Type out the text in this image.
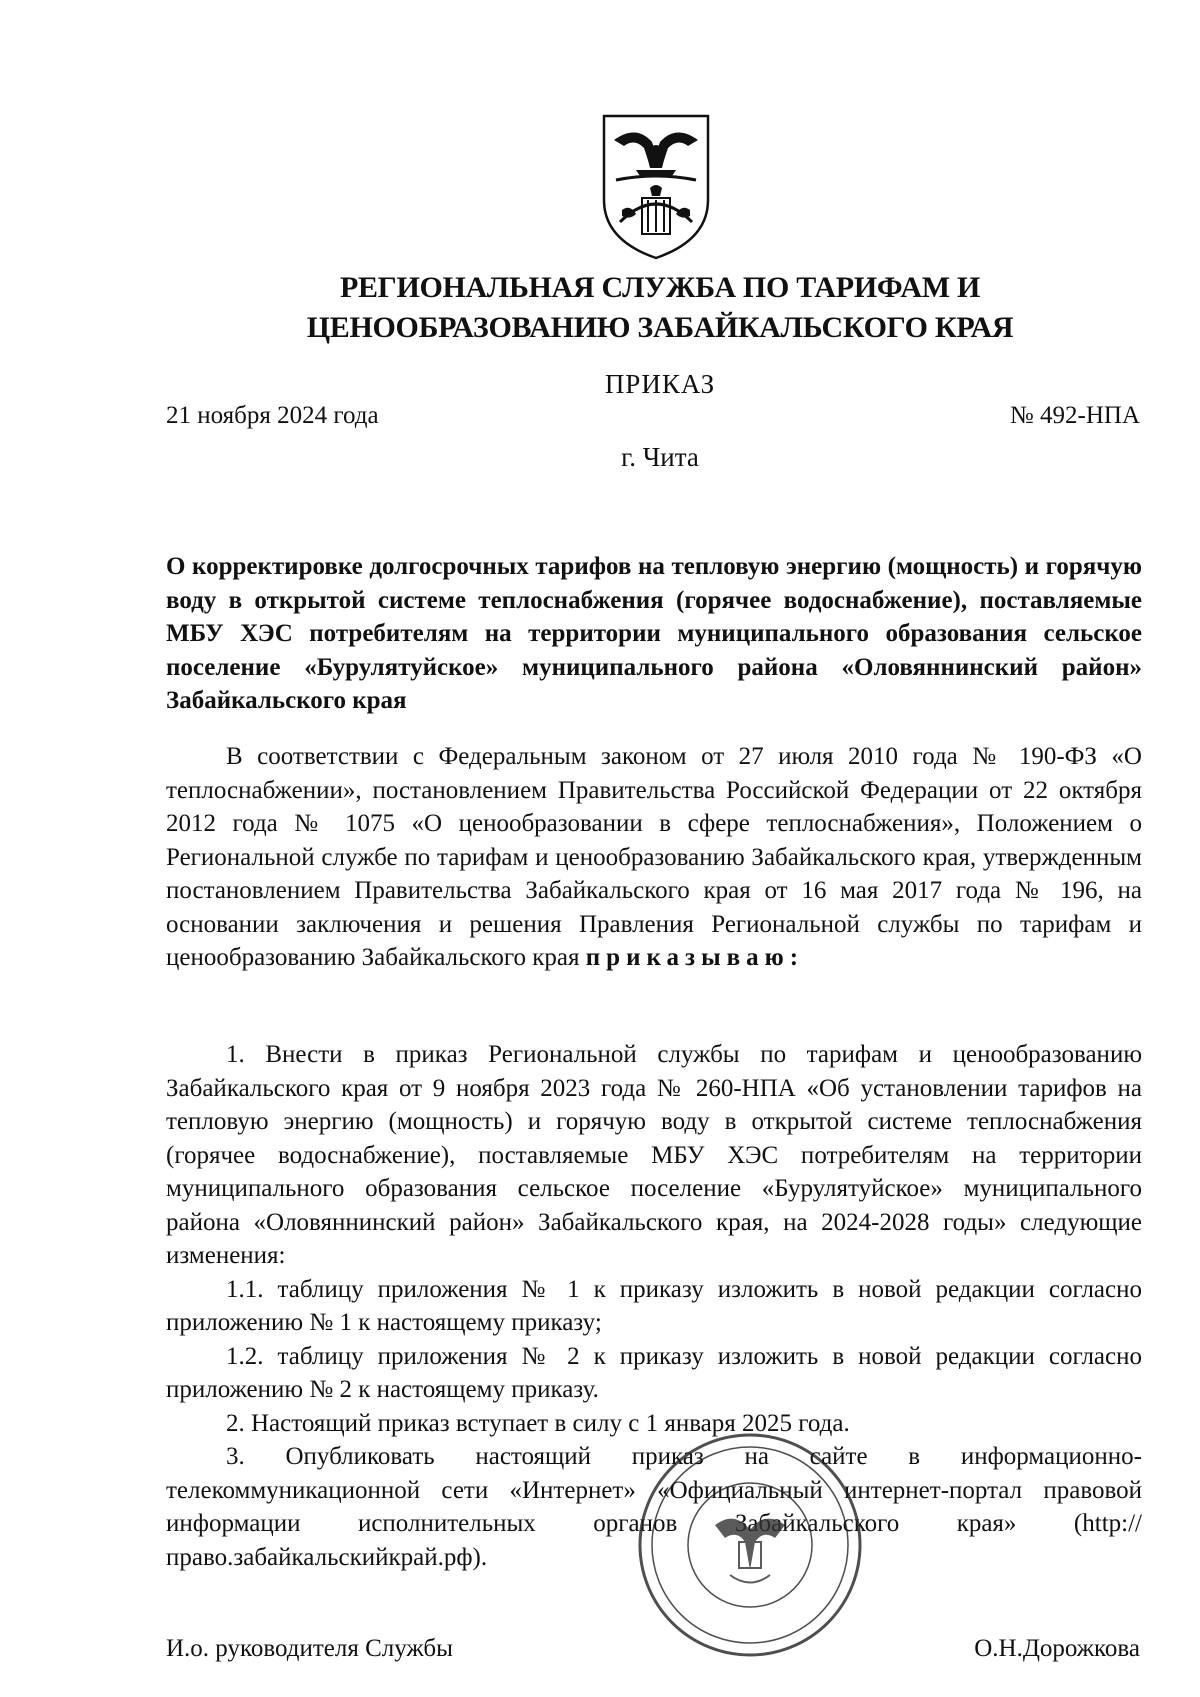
РЕГИОНАЛЬНАЯ СЛУЖБА ПО ТАРИФАМ И
ЦЕНООБРАЗОВАНИЮ ЗАБАЙКАЛЬСКОГО КРАЯ
ПРИКАЗ
21 ноября 2024 года	№ 492-НПА
г. Чита
О корректировке долгосрочных тарифов на тепловую энергию (мощность) и горячую воду в открытой системе теплоснабжения (горячее водоснабжение), поставляемые МБУ ХЭС потребителям на территории муниципального образования сельское поселение «Бурулятуйское» муниципального района «Оловяннинский район» Забайкальского края
В соответствии с Федеральным законом от 27 июля 2010 года № 190-ФЗ «О теплоснабжении», постановлением Правительства Российской Федерации от 22 октября 2012 года № 1075 «О ценообразовании в сфере теплоснабжения», Положением о Региональной службе по тарифам и ценообразованию Забайкальского края, утвержденным постановлением Правительства Забайкальского края от 16 мая 2017 года № 196, на основании заключения и решения Правления Региональной службы по тарифам и ценообразованию Забайкальского края приказываю:
1. Внести в приказ Региональной службы по тарифам и ценообразованию Забайкальского края от 9 ноября 2023 года № 260-НПА «Об установлении тарифов на тепловую энергию (мощность) и горячую воду в открытой системе теплоснабжения (горячее водоснабжение), поставляемые МБУ ХЭС потребителям на территории муниципального образования сельское поселение «Бурулятуйское» муниципального района «Оловяннинский район» Забайкальского края, на 2024-2028 годы» следующие изменения:
1.1. таблицу приложения № 1 к приказу изложить в новой редакции согласно приложению № 1 к настоящему приказу;
1.2. таблицу приложения № 2 к приказу изложить в новой редакции согласно приложению № 2 к настоящему приказу.
2. Настоящий приказ вступает в силу с 1 января 2025 года.
3. Опубликовать настоящий приказ на сайте в информационно-телекоммуникационной сети «Интернет» «Официальный интернет-портал правовой информации исполнительных органов Забайкальского края» (http://право.забайкальскийкрай.рф).
И.о. руководителя Службы	О.Н.Дорожкова
